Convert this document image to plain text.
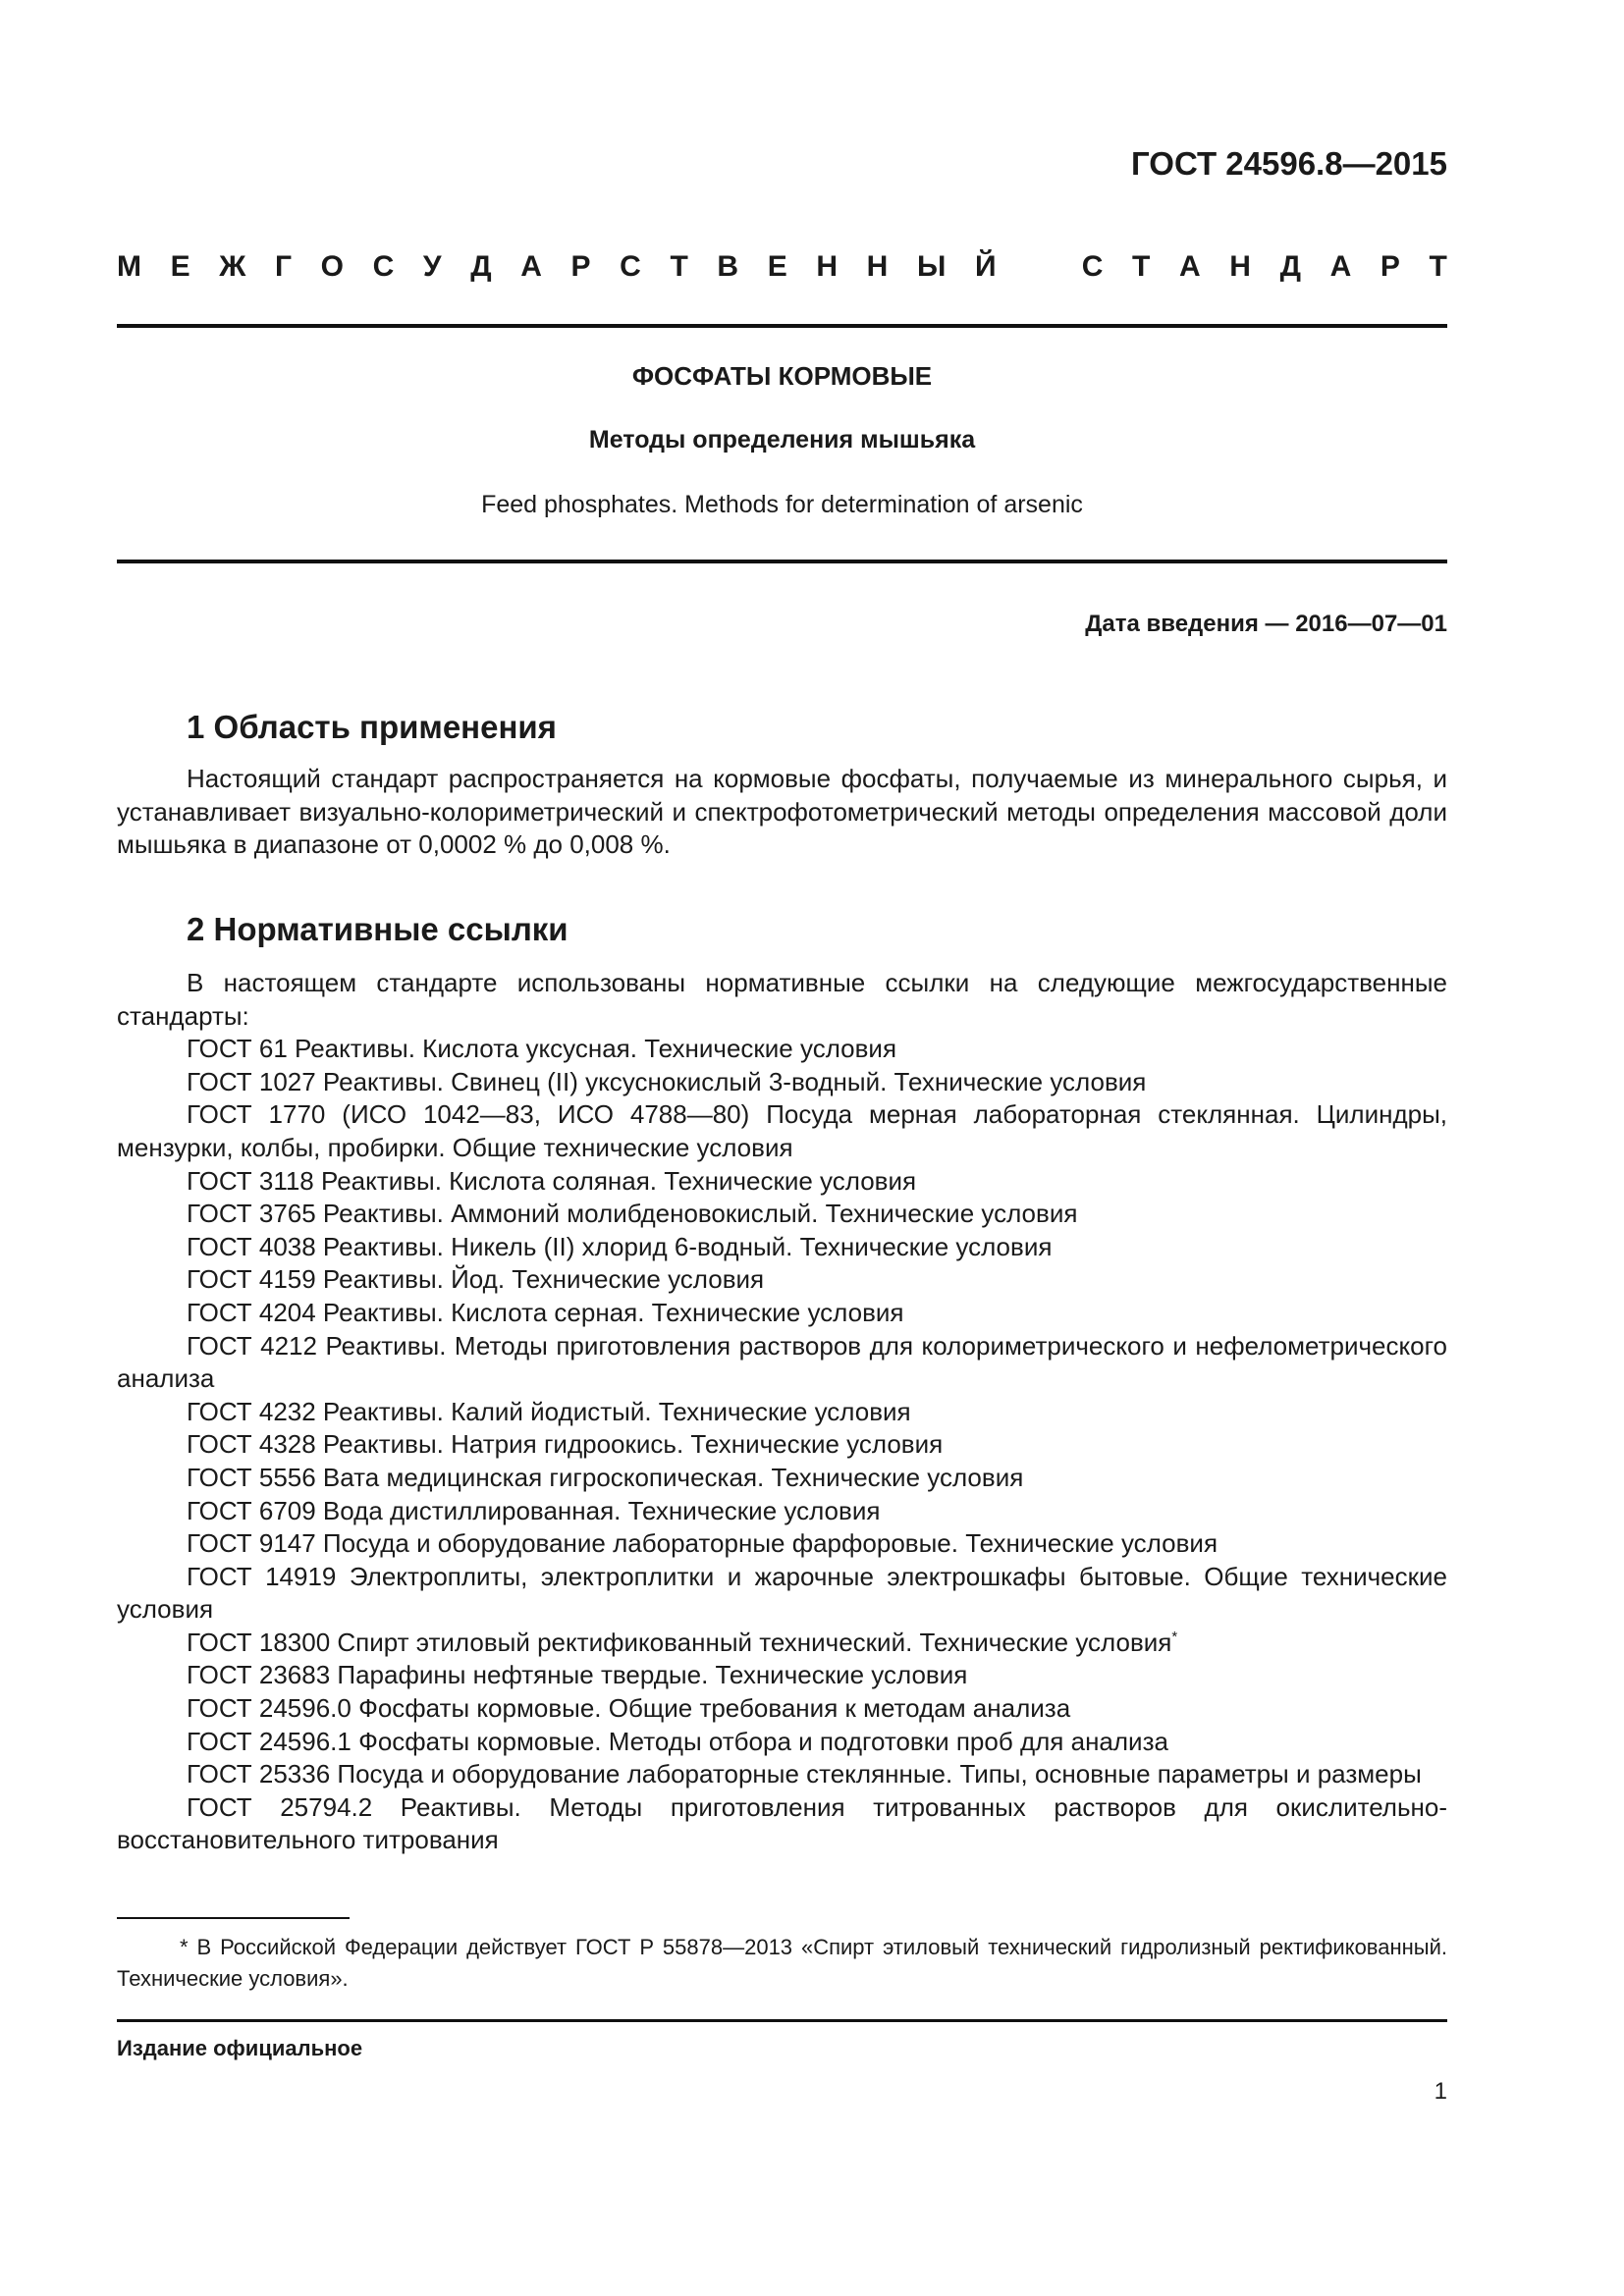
ГОСТ 24596.8—2015
М Е Ж Г О С У Д А Р С Т В Е Н Н Ы Й	С Т А Н Д А Р Т
ФОСФАТЫ КОРМОВЫЕ
Методы определения мышьяка
Feed phosphates. Methods for determination of arsenic
Дата введения — 2016—07—01
1 Область применения

Настоящий стандарт распространяется на кормовые фосфаты, получаемые из минерального сырья, и устанавливает визуально-колориметрический и спектрофотометрический методы определения массовой доли мышьяка в диапазоне от 0,0002 % до 0,008 %.

2 Нормативные ссылки

В настоящем стандарте использованы нормативные ссылки на следующие межгосударственные стандарты:

ГОСТ 61 Реактивы. Кислота уксусная. Технические условия

ГОСТ 1027 Реактивы. Свинец (II) уксуснокислый 3-водный. Технические условия

ГОСТ 1770 (ИСО 1042—83, ИСО 4788—80) Посуда мерная лабораторная стеклянная. Цилиндры, мензурки, колбы, пробирки. Общие технические условия

ГОСТ 3118 Реактивы. Кислота соляная. Технические условия

ГОСТ 3765 Реактивы. Аммоний молибденовокислый. Технические условия

ГОСТ 4038 Реактивы. Никель (II) хлорид 6-водный. Технические условия

ГОСТ 4159 Реактивы. Йод. Технические условия

ГОСТ 4204 Реактивы. Кислота серная. Технические условия

ГОСТ 4212 Реактивы. Методы приготовления растворов для колориметрического и нефелометрического анализа

ГОСТ 4232 Реактивы. Калий йодистый. Технические условия

ГОСТ 4328 Реактивы. Натрия гидроокись. Технические условия

ГОСТ 5556 Вата медицинская гигроскопическая. Технические условия

ГОСТ 6709 Вода дистиллированная. Технические условия

ГОСТ 9147 Посуда и оборудование лабораторные фарфоровые. Технические условия

ГОСТ 14919 Электроплиты, электроплитки и жарочные электрошкафы бытовые. Общие технические условия

ГОСТ 18300 Спирт этиловый ректификованный технический. Технические условия*

ГОСТ 23683 Парафины нефтяные твердые. Технические условия

ГОСТ 24596.0 Фосфаты кормовые. Общие требования к методам анализа

ГОСТ 24596.1 Фосфаты кормовые. Методы отбора и подготовки проб для анализа

ГОСТ 25336 Посуда и оборудование лабораторные стеклянные. Типы, основные параметры и размеры

ГОСТ 25794.2 Реактивы. Методы приготовления титрованных растворов для окислительно-восстановительного титрования

* В Российской Федерации действует ГОСТ Р 55878—2013 «Спирт этиловый технический гидролизный ректификованный. Технические условия».

Издание официальное
1
